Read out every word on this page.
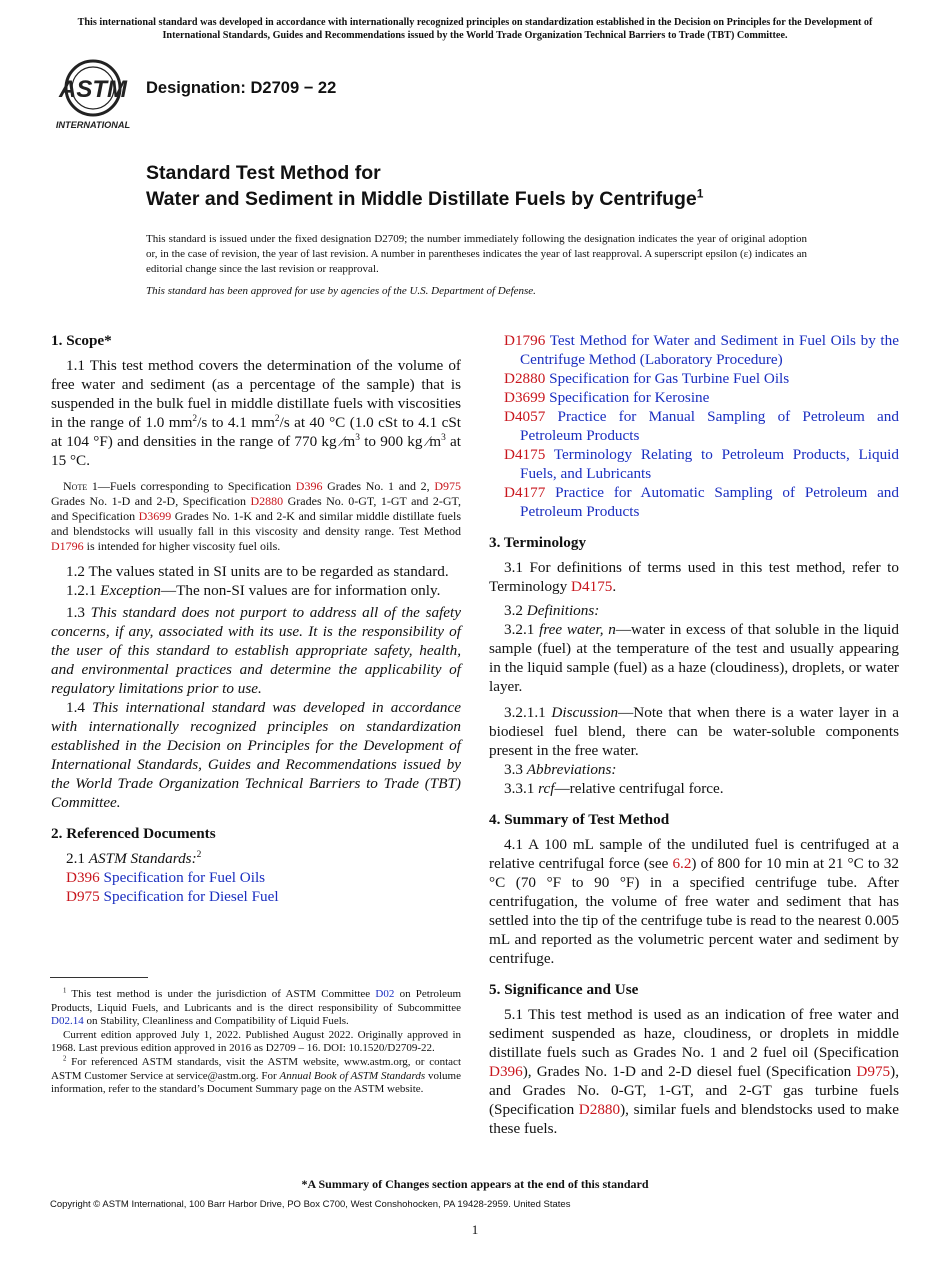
This international standard was developed in accordance with internationally recognized principles on standardization established in the Decision on Principles for the Development of International Standards, Guides and Recommendations issued by the World Trade Organization Technical Barriers to Trade (TBT) Committee.
ASTM
INTERNATIONAL
Designation: D2709 − 22
Standard Test Method for
Water and Sediment in Middle Distillate Fuels by Centrifuge$^1$
This standard is issued under the fixed designation D2709; the number immediately following the designation indicates the year of original adoption or, in the case of revision, the year of last revision. A number in parentheses indicates the year of last reapproval. A superscript epsilon (ε) indicates an editorial change since the last revision or reapproval.
This standard has been approved for use by agencies of the U.S. Department of Defense.

1. Scope*

1.1 This test method covers the determination of the volume of free water and sediment (as a percentage of the sample) that is suspended in the bulk fuel in middle distillate fuels with viscosities in the range of 1.0 $mm^2/s$ to 4.1 $mm^2/s$ at 40 °C (1.0 cSt to 4.1 cSt at 104 °F) and densities in the range of 770 kg $⁄m^3$ to 900 kg $⁄m^3$ at 15 °C.

Note 1—Fuels corresponding to Specification D396 Grades No. 1 and 2, D975 Grades No. 1-D and 2-D, Specification D2880 Grades No. 0-GT, 1-GT and 2-GT, and Specification D3699 Grades No. 1-K and 2-K and similar middle distillate fuels and blendstocks will usually fall in this viscosity and density range. Test Method D1796 is intended for higher viscosity fuel oils.

1.2 The values stated in SI units are to be regarded as standard.

1.2.1 Exception—The non-SI values are for information only.

1.3 This standard does not purport to address all of the safety concerns, if any, associated with its use. It is the responsibility of the user of this standard to establish appropriate safety, health, and environmental practices and determine the applicability of regulatory limitations prior to use.

1.4 This international standard was developed in accordance with internationally recognized principles on standardization established in the Decision on Principles for the Development of International Standards, Guides and Recommendations issued by the World Trade Organization Technical Barriers to Trade (TBT) Committee.

2. Referenced Documents

2.1 ASTM Standards:$^2$

D396 Specification for Fuel Oils

D975 Specification for Diesel Fuel

$^1$ This test method is under the jurisdiction of ASTM Committee D02 on Petroleum Products, Liquid Fuels, and Lubricants and is the direct responsibility of Subcommittee D02.14 on Stability, Cleanliness and Compatibility of Liquid Fuels.

Current edition approved July 1, 2022. Published August 2022. Originally approved in 1968. Last previous edition approved in 2016 as D2709 – 16. DOI: 10.1520/D2709-22.

$^2$ For referenced ASTM standards, visit the ASTM website, www.astm.org, or contact ASTM Customer Service at service@astm.org. For Annual Book of ASTM Standards volume information, refer to the standard’s Document Summary page on the ASTM website.

D1796 Test Method for Water and Sediment in Fuel Oils by the Centrifuge Method (Laboratory Procedure)

D2880 Specification for Gas Turbine Fuel Oils

D3699 Specification for Kerosine

D4057 Practice for Manual Sampling of Petroleum and Petroleum Products

D4175 Terminology Relating to Petroleum Products, Liquid Fuels, and Lubricants

D4177 Practice for Automatic Sampling of Petroleum and Petroleum Products

3. Terminology

3.1 For definitions of terms used in this test method, refer to Terminology D4175.

3.2 Definitions:

3.2.1 free water, n—water in excess of that soluble in the liquid sample (fuel) at the temperature of the test and usually appearing in the liquid sample (fuel) as a haze (cloudiness), droplets, or water layer.

3.2.1.1 Discussion—Note that when there is a water layer in a biodiesel fuel blend, there can be water-soluble components present in the free water.

3.3 Abbreviations:

3.3.1 rcf—relative centrifugal force.

4. Summary of Test Method

4.1 A 100 mL sample of the undiluted fuel is centrifuged at a relative centrifugal force (see 6.2) of 800 for 10 min at 21 °C to 32 °C (70 °F to 90 °F) in a specified centrifuge tube. After centrifugation, the volume of free water and sediment that has settled into the tip of the centrifuge tube is read to the nearest 0.005 mL and reported as the volumetric percent water and sediment by centrifuge.

5. Significance and Use

5.1 This test method is used as an indication of free water and sediment suspended as haze, cloudiness, or droplets in middle distillate fuels such as Grades No. 1 and 2 fuel oil (Specification D396), Grades No. 1-D and 2-D diesel fuel (Specification D975), and Grades No. 0-GT, 1-GT, and 2-GT gas turbine fuels (Specification D2880), similar fuels and blendstocks used to make these fuels.

*A Summary of Changes section appears at the end of this standard
Copyright © ASTM International, 100 Barr Harbor Drive, PO Box C700, West Conshohocken, PA 19428-2959. United States
1
